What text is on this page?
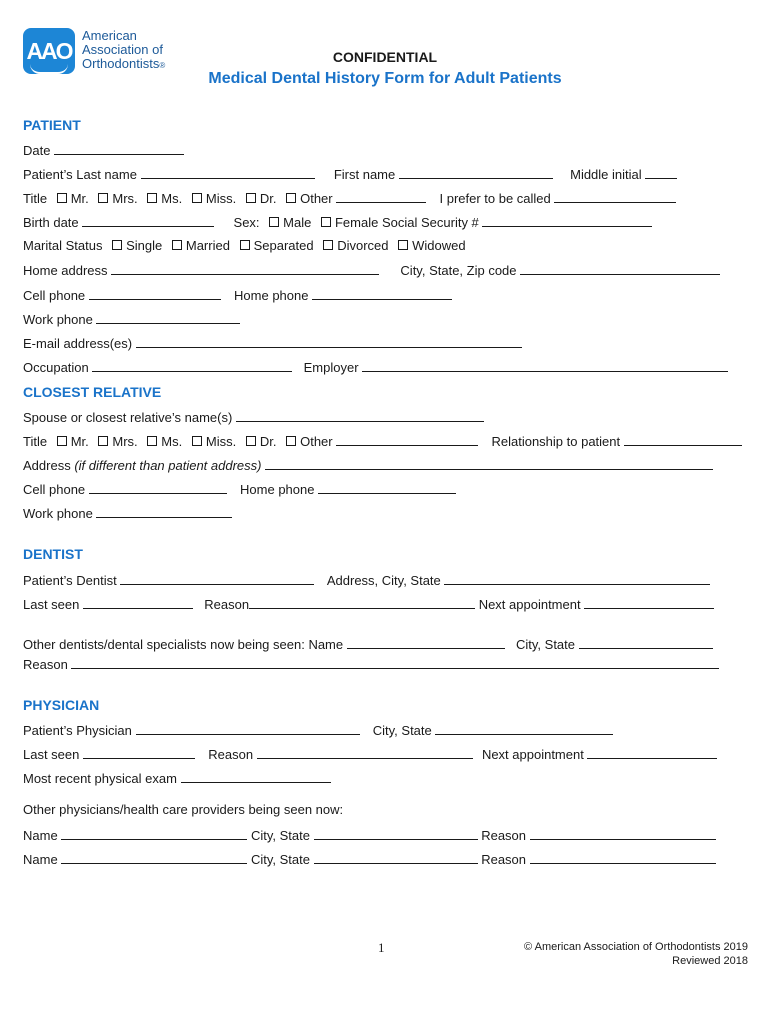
AAO
American
Association of
Orthodontists®
CONFIDENTIAL
Medical Dental History Form for Adult Patients
PATIENT
Date
Patient’s Last name	First name	Middle initial
Title Mr. Mrs. Ms. Miss. Dr. Other	I prefer to be called
Birth date	Sex: Male Female Social Security #
Marital Status Single Married Separated Divorced Widowed
Home address	City, State, Zip code
Cell phone	Home phone
Work phone
E-mail address(es)
Occupation	Employer
CLOSEST RELATIVE
Spouse or closest relative’s name(s)
Title Mr. Mrs. Ms. Miss. Dr. Other	Relationship to patient
Address (if different than patient address)
Cell phone	Home phone
Work phone
DENTIST
Patient’s Dentist	Address, City, State
Last seen	Reason	Next appointment
Other dentists/dental specialists now being seen: Name	City, State
Reason
PHYSICIAN
Patient’s Physician	City, State
Last seen	Reason	Next appointment
Most recent physical exam
Other physicians/health care providers being seen now:
Name	City, State	Reason
Name	City, State	Reason
1	© American Association of Orthodontists 2019
Reviewed 2018
